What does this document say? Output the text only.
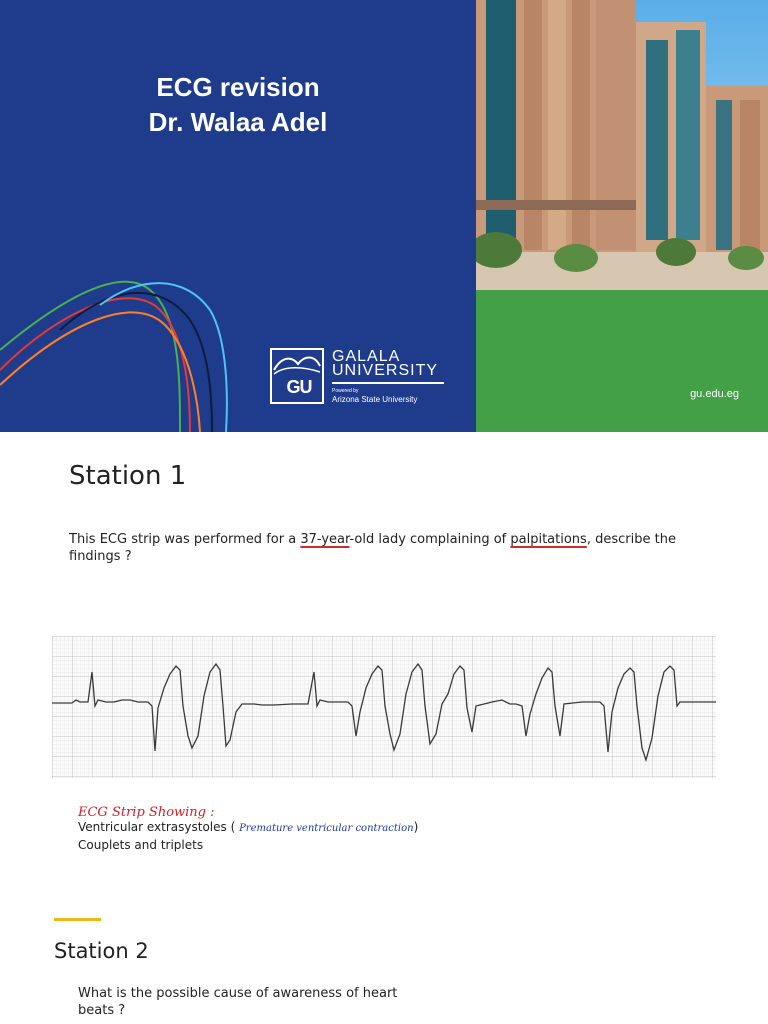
ECG revision
Dr. Walaa Adel
gu.edu.eg
GU
GALALA
UNIVERSITY
Powered by
Arizona State University
Station 1
This ECG strip was performed for a 37-year-old lady complaining of palpitations, describe the findings ?
ECG Strip Showing :
Ventricular extrasystoles ( Premature ventricular contraction)
Couplets and triplets
Station 2
What is the possible cause of awareness of heart beats ?
